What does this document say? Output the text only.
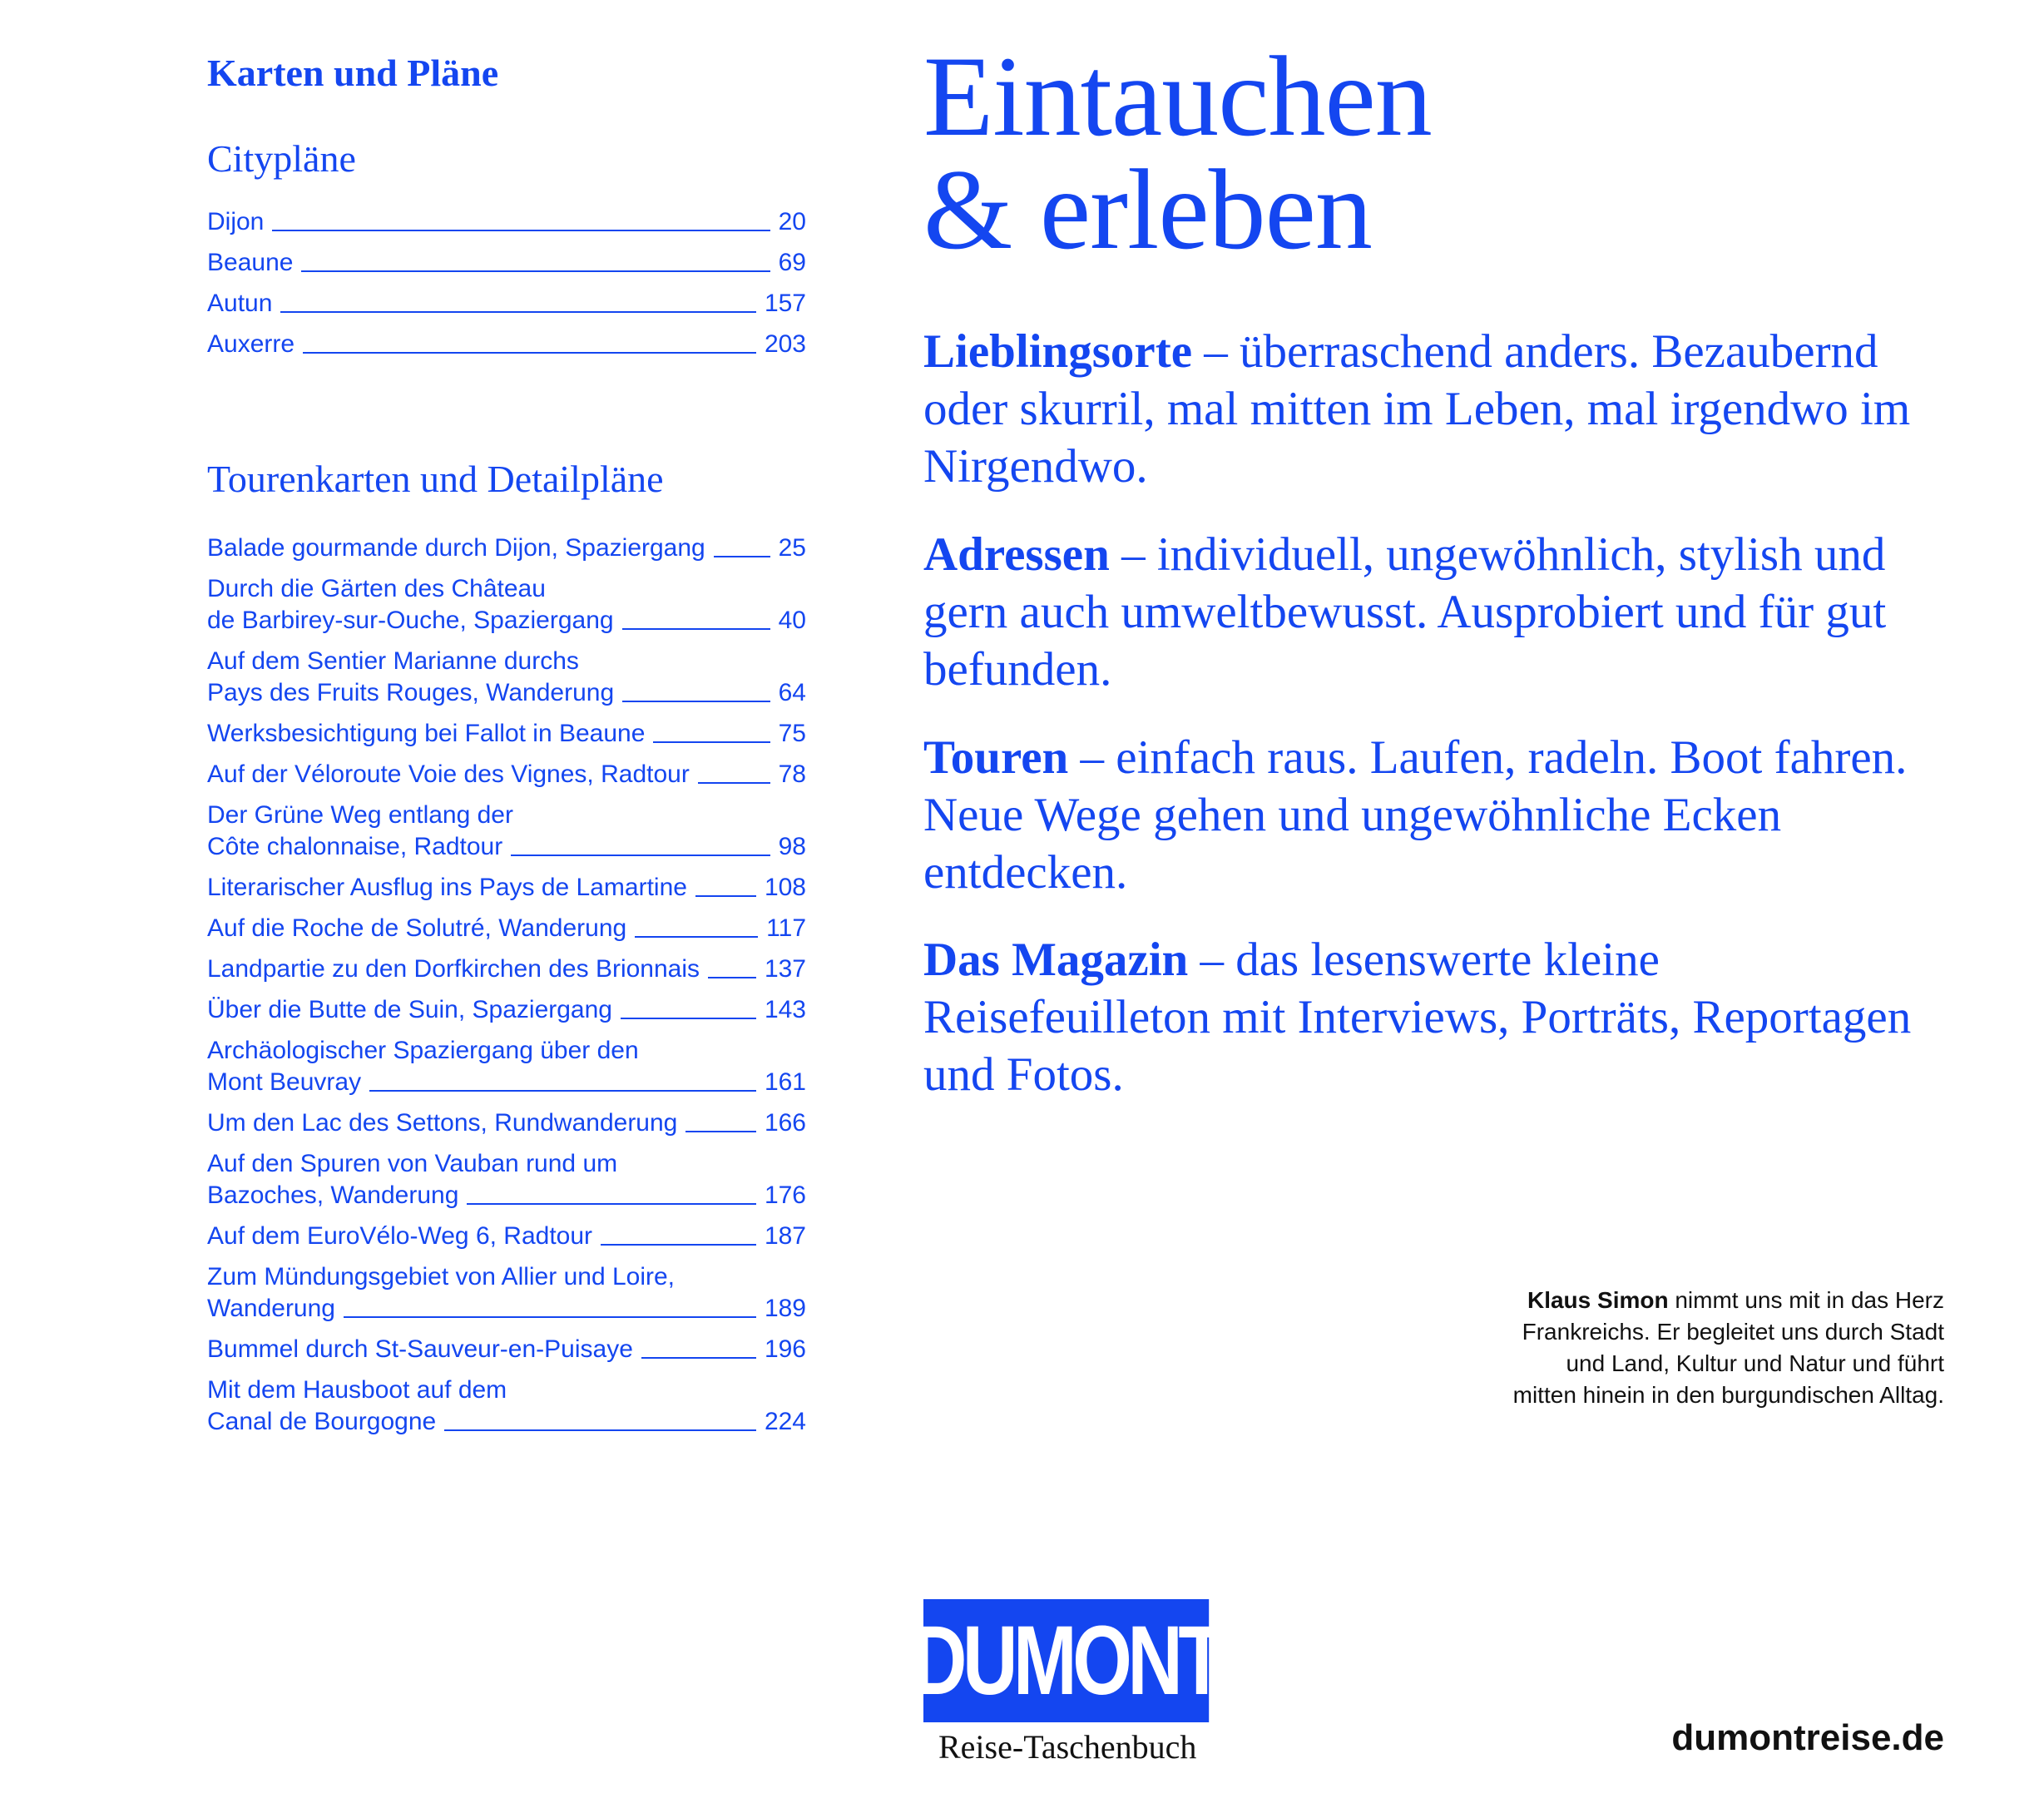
Karten und Pläne
Citypläne
Dijon	20
Beaune	69
Autun	157
Auxerre	203
Tourenkarten und Detailpläne
Balade gourmande durch Dijon, Spaziergang	25
Durch die Gärten des Château
de Barbirey-sur-Ouche, Spaziergang	40
Auf dem Sentier Marianne durchs
Pays des Fruits Rouges, Wanderung	64
Werksbesichtigung bei Fallot in Beaune	75
Auf der Véloroute Voie des Vignes, Radtour	78
Der Grüne Weg entlang der
Côte chalonnaise, Radtour	98
Literarischer Ausflug ins Pays de Lamartine	108
Auf die Roche de Solutré, Wanderung	117
Landpartie zu den Dorfkirchen des Brionnais	137
Über die Butte de Suin, Spaziergang	143
Archäologischer Spaziergang über den
Mont Beuvray	161
Um den Lac des Settons, Rundwanderung	166
Auf den Spuren von Vauban rund um
Bazoches, Wanderung	176
Auf dem EuroVélo-Weg 6, Radtour	187
Zum Mündungsgebiet von Allier und Loire,
Wanderung	189
Bummel durch St-Sauveur-en-Puisaye	196
Mit dem Hausboot auf dem
Canal de Bourgogne	224
Eintauchen
& erleben

Lieblingsorte – überraschend anders. Bezaubernd oder skurril, mal mitten im Leben, mal irgendwo im Nirgendwo.

Adressen – individuell, ungewöhnlich, stylish und gern auch umweltbewusst. Ausprobiert und für gut befunden.

Touren – einfach raus. Laufen, radeln. Boot fahren. Neue Wege gehen und ungewöhnliche Ecken entdecken.

Das Magazin – das lesenswerte kleine Reisefeuilleton mit Interviews, Porträts, Reportagen und Fotos.

Klaus Simon nimmt uns mit in das Herz Frankreichs. Er begleitet uns durch Stadt und Land, Kultur und Natur und führt mitten hinein in den burgundischen Alltag.

DUMONT
Reise-Taschenbuch	dumontreise.de
